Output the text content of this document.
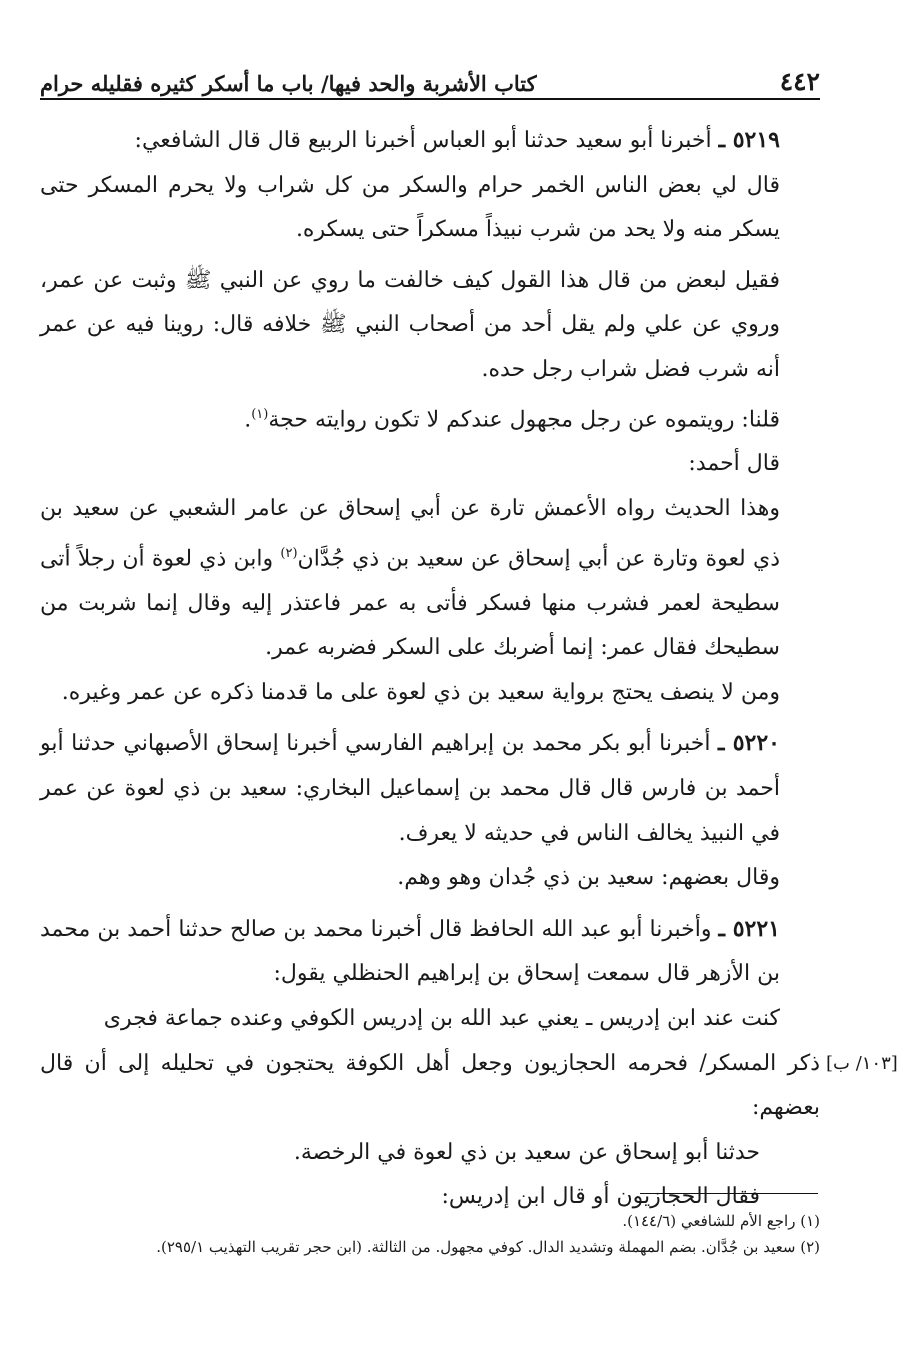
٤٤٢
كتاب الأشربة والحد فيها/ باب ما أسكر كثيره فقليله حرام

٥٢١٩ ـ أخبرنا أبو سعيد حدثنا أبو العباس أخبرنا الربيع قال قال الشافعي:

قال لي بعض الناس الخمر حرام والسكر من كل شراب ولا يحرم المسكر حتى يسكر منه ولا يحد من شرب نبيذاً مسكراً حتى يسكره.

فقيل لبعض من قال هذا القول كيف خالفت ما روي عن النبي ﷺ وثبت عن عمر، وروي عن علي ولم يقل أحد من أصحاب النبي ﷺ خلافه قال: روينا فيه عن عمر أنه شرب فضل شراب رجل حده.

قلنا: رويتموه عن رجل مجهول عندكم لا تكون روايته حجة$^{(١)}$.

قال أحمد:

وهذا الحديث رواه الأعمش تارة عن أبي إسحاق عن عامر الشعبي عن سعيد بن ذي لعوة وتارة عن أبي إسحاق عن سعيد بن ذي جُدَّان$^{(٢)}$ وابن ذي لعوة أن رجلاً أتى سطيحة لعمر فشرب منها فسكر فأتى به عمر فاعتذر إليه وقال إنما شربت من سطيحك فقال عمر: إنما أضربك على السكر فضربه عمر.

ومن لا ينصف يحتج برواية سعيد بن ذي لعوة على ما قدمنا ذكره عن عمر وغيره.

٥٢٢٠ ـ أخبرنا أبو بكر محمد بن إبراهيم الفارسي أخبرنا إسحاق الأصبهاني حدثنا أبو أحمد بن فارس قال قال محمد بن إسماعيل البخاري: سعيد بن ذي لعوة عن عمر في النبيذ يخالف الناس في حديثه لا يعرف.

وقال بعضهم: سعيد بن ذي جُدان وهو وهم.

٥٢٢١ ـ وأخبرنا أبو عبد الله الحافظ قال أخبرنا محمد بن صالح حدثنا أحمد بن محمد بن الأزهر قال سمعت إسحاق بن إبراهيم الحنظلي يقول:

كنت عند ابن إدريس ـ يعني عبد الله بن إدريس الكوفي وعنده جماعة فجرى

ذكر المسكر/ فحرمه الحجازيون وجعل أهل الكوفة يحتجون في تحليله إلى أن قال بعضهم:
[١٠٣/ ب]

حدثنا أبو إسحاق عن سعيد بن ذي لعوة في الرخصة.

فقال الحجازيون أو قال ابن إدريس:

(١) راجع الأم للشافعي (١٤٤/٦).

(٢) سعيد بن جُدَّان. بضم المهملة وتشديد الدال. كوفي مجهول. من الثالثة. (ابن حجر تقريب التهذيب ٢٩٥/١).
